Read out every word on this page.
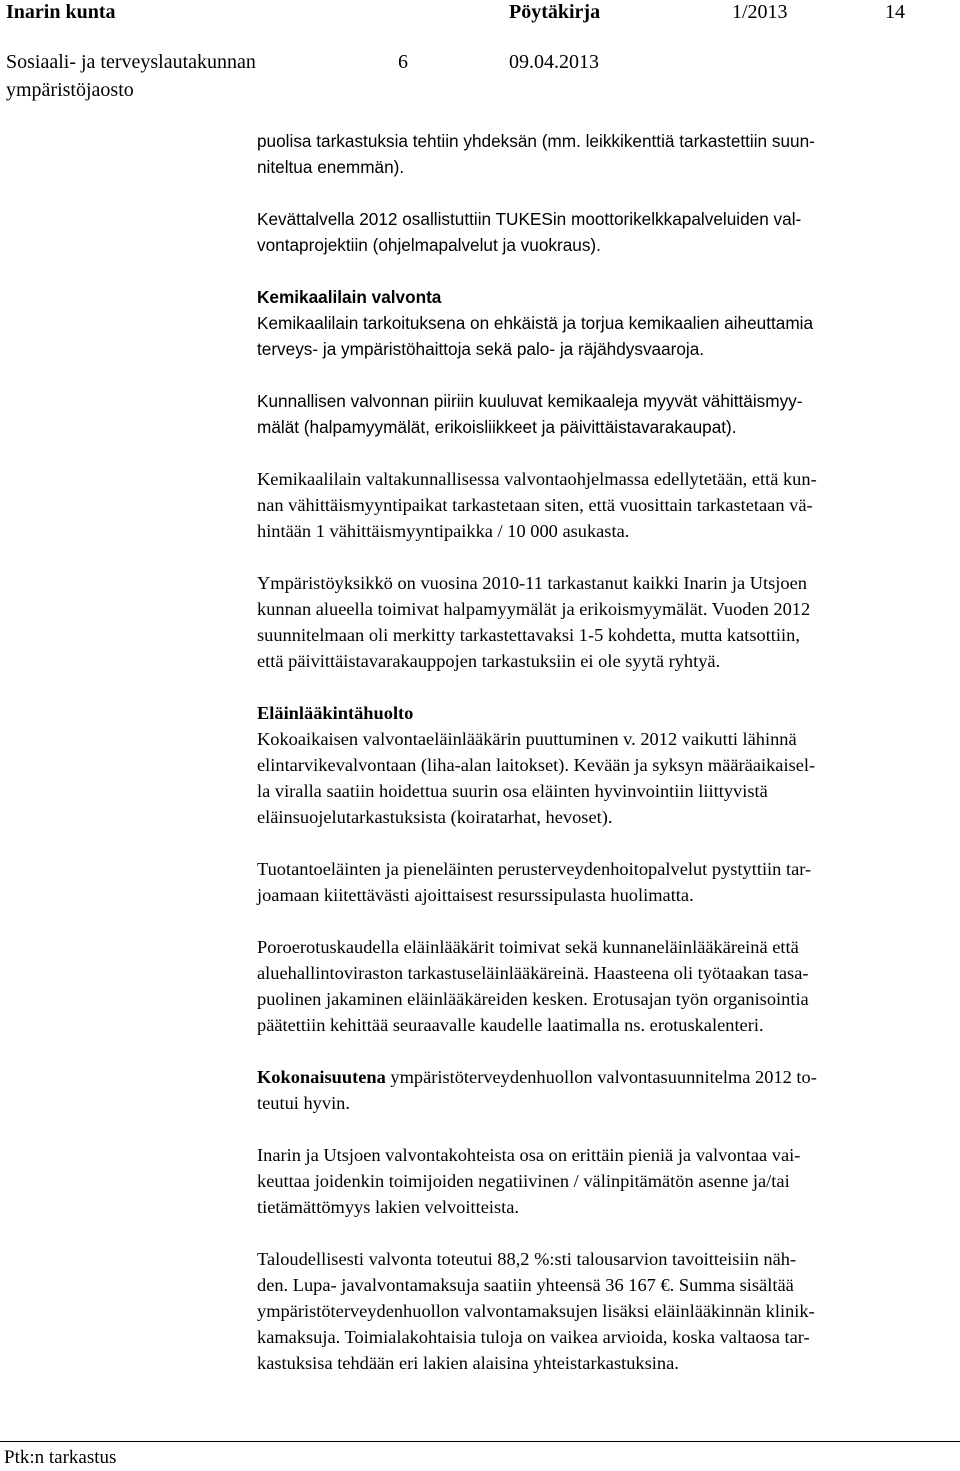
Inarin kunta	Pöytäkirja	1/2013	14
Sosiaali- ja terveyslautakunnan
ympäristöjaosto
6	09.04.2013

puolisa tarkastuksia tehtiin yhdeksän (mm. leikkikenttiä tarkastettiin suun-
niteltua enemmän).

Kevättalvella 2012 osallistuttiin TUKESin moottorikelkkapalveluiden val-
vontaprojektiin (ohjelmapalvelut ja vuokraus).

Kemikaalilain valvonta
Kemikaalilain tarkoituksena on ehkäistä ja torjua kemikaalien aiheuttamia
terveys- ja ympäristöhaittoja sekä palo- ja räjähdysvaaroja.

Kunnallisen valvonnan piiriin kuuluvat kemikaaleja myyvät vähittäismyy-
mälät (halpamyymälät, erikoisliikkeet ja päivittäistavarakaupat).

Kemikaalilain valtakunnallisessa valvontaohjelmassa edellytetään, että kun-
nan vähittäismyyntipaikat tarkastetaan siten, että vuosittain tarkastetaan vä-
hintään 1 vähittäismyyntipaikka / 10 000 asukasta.

Ympäristöyksikkö on vuosina 2010-11 tarkastanut kaikki Inarin ja Utsjoen
kunnan alueella toimivat halpamyymälät ja erikoismyymälät. Vuoden 2012
suunnitelmaan oli merkitty tarkastettavaksi 1-5 kohdetta, mutta katsottiin,
että päivittäistavarakauppojen tarkastuksiin ei ole syytä ryhtyä.

Eläinlääkintähuolto
Kokoaikaisen valvontaeläinlääkärin puuttuminen v. 2012 vaikutti lähinnä
elintarvikevalvontaan (liha-alan laitokset). Kevään ja syksyn määräaikaisel-
la viralla saatiin hoidettua suurin osa eläinten hyvinvointiin liittyvistä
eläinsuojelutarkastuksista (koiratarhat, hevoset).

Tuotantoeläinten ja pieneläinten perusterveydenhoitopalvelut pystyttiin tar-
joamaan kiitettävästi ajoittaisest resurssipulasta huolimatta.

Poroerotuskaudella eläinlääkärit toimivat sekä kunnaneläinlääkäreinä että
aluehallintoviraston tarkastuseläinlääkäreinä. Haasteena oli työtaakan tasa-
puolinen jakaminen eläinlääkäreiden kesken. Erotusajan työn organisointia
päätettiin kehittää seuraavalle kaudelle laatimalla ns. erotuskalenteri.

Kokonaisuutena ympäristöterveydenhuollon valvontasuunnitelma 2012 to-
teutui hyvin.

Inarin ja Utsjoen valvontakohteista osa on erittäin pieniä ja valvontaa vai-
keuttaa joidenkin toimijoiden negatiivinen / välinpitämätön asenne ja/tai
tietämättömyys lakien velvoitteista.

Taloudellisesti valvonta toteutui 88,2 %:sti talousarvion tavoitteisiin näh-
den. Lupa- javalvontamaksuja saatiin yhteensä 36 167 €. Summa sisältää
ympäristöterveydenhuollon valvontamaksujen lisäksi eläinlääkinnän klinik-
kamaksuja. Toimialakohtaisia tuloja on vaikea arvioida, koska valtaosa tar-
kastuksisa tehdään eri lakien alaisina yhteistarkastuksina.

Ptk:n tarkastus
